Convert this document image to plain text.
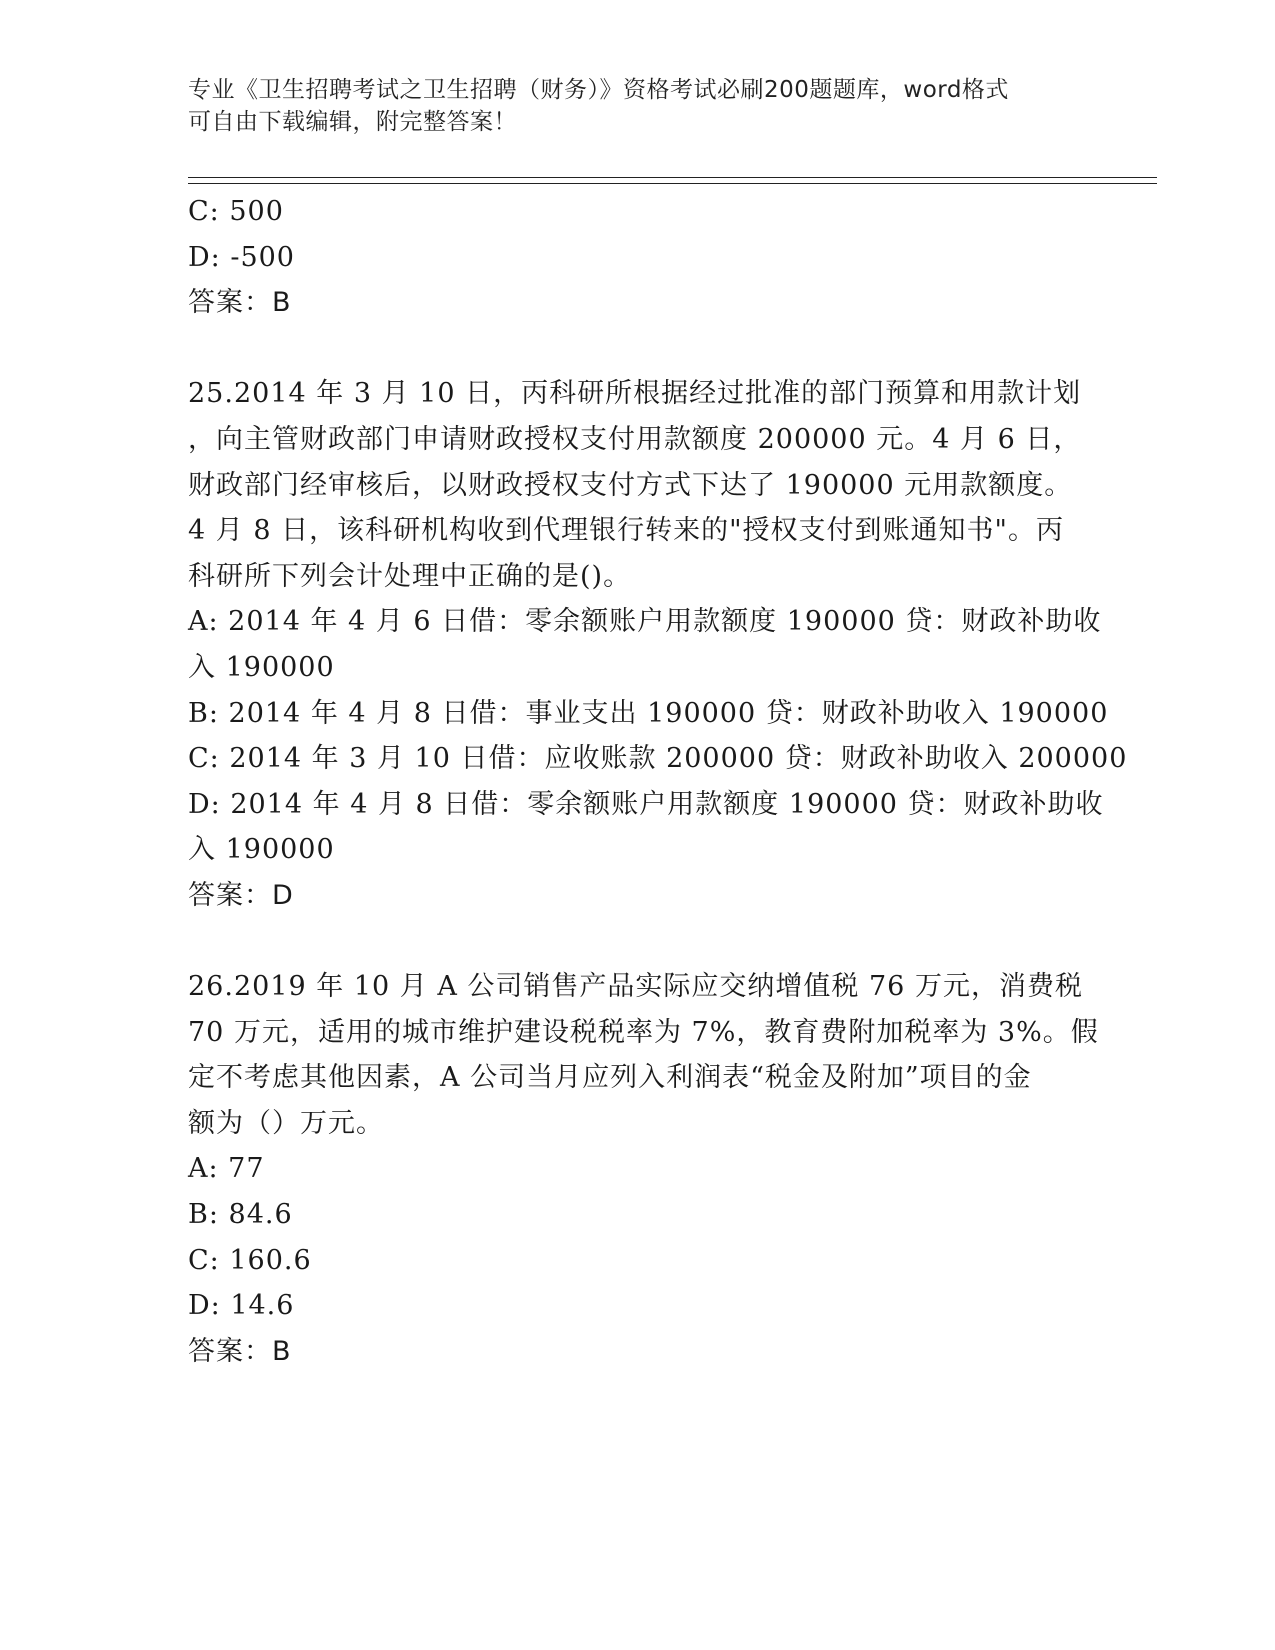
专业《卫生招聘考试之卫生招聘（财务）》资格考试必刷200题题库，word格式
可自由下载编辑，附完整答案！
C: 500
D: -500
答案：B
25.2014 年 3 月 10 日，丙科研所根据经过批准的部门预算和用款计划
，向主管财政部门申请财政授权支付用款额度 200000 元。4 月 6 日，
财政部门经审核后，以财政授权支付方式下达了 190000 元用款额度。
4 月 8 日，该科研机构收到代理银行转来的"授权支付到账通知书"。丙
科研所下列会计处理中正确的是()。
A: 2014 年 4 月 6 日借：零余额账户用款额度 190000 贷：财政补助收
入 190000
B: 2014 年 4 月 8 日借：事业支出 190000 贷：财政补助收入 190000
C: 2014 年 3 月 10 日借：应收账款 200000 贷：财政补助收入 200000
D: 2014 年 4 月 8 日借：零余额账户用款额度 190000 贷：财政补助收
入 190000
答案：D
26.2019 年 10 月 A 公司销售产品实际应交纳增值税 76 万元，消费税
70 万元，适用的城市维护建设税税率为 7%，教育费附加税率为 3%。假
定不考虑其他因素，A 公司当月应列入利润表“税金及附加”项目的金
额为（）万元。
A: 77
B: 84.6
C: 160.6
D: 14.6
答案：B
